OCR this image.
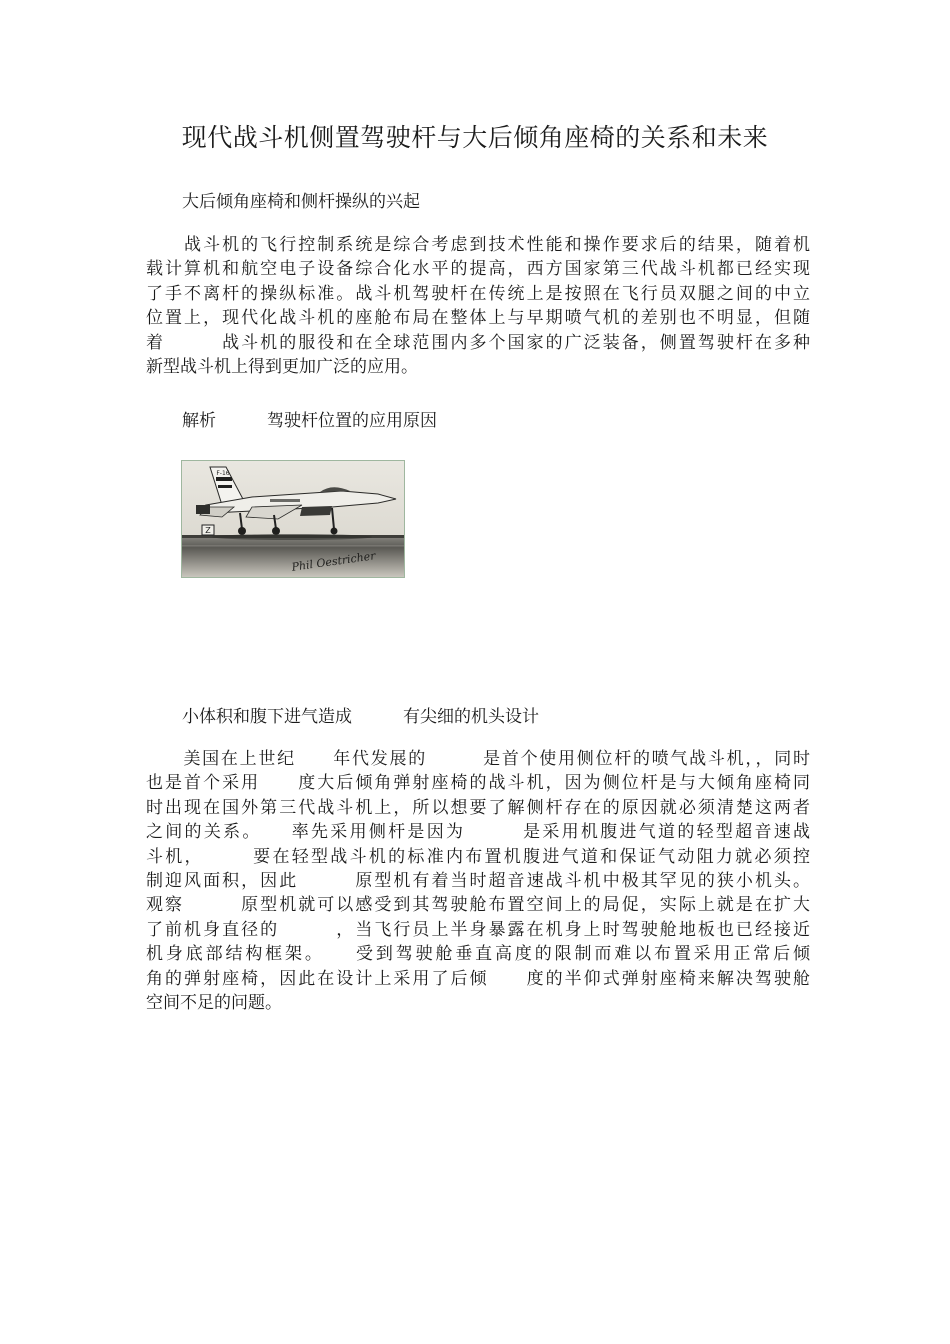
现代战斗机侧置驾驶杆与大后倾角座椅的关系和未来
大后倾角座椅和侧杆操纵的兴起
　　战斗机的飞行控制系统是综合考虑到技术性能和操作要求后的结果，随着机
载计算机和航空电子设备综合化水平的提高，西方国家第三代战斗机都已经实现
了手不离杆的操纵标准。战斗机驾驶杆在传统上是按照在飞行员双腿之间的中立
位置上，现代化战斗机的座舱布局在整体上与早期喷气机的差别也不明显，但随
着　　　战斗机的服役和在全球范围内多个国家的广泛装备，侧置驾驶杆在多种
新型战斗机上得到更加广泛的应用。
解析　　　驾驶杆位置的应用原因
Z
Phil Oestricher
F-16
小体积和腹下进气造成　　　有尖细的机头设计
　　美国在上世纪　　年代发展的　　　是首个使用侧位杆的喷气战斗机，，同时
也是首个采用　　度大后倾角弹射座椅的战斗机，因为侧位杆是与大倾角座椅同
时出现在国外第三代战斗机上，所以想要了解侧杆存在的原因就必须清楚这两者
之间的关系。　　率先采用侧杆是因为　　　是采用机腹进气道的轻型超音速战
斗机，　　　要在轻型战斗机的标准内布置机腹进气道和保证气动阻力就必须控
制迎风面积，因此　　　原型机有着当时超音速战斗机中极其罕见的狭小机头。
观察　　　原型机就可以感受到其驾驶舱布置空间上的局促，实际上就是在扩大
了前机身直径的　　　，当飞行员上半身暴露在机身上时驾驶舱地板也已经接近
机身底部结构框架。　　受到驾驶舱垂直高度的限制而难以布置采用正常后倾
角的弹射座椅，因此在设计上采用了后倾　　度的半仰式弹射座椅来解决驾驶舱
空间不足的问题。
